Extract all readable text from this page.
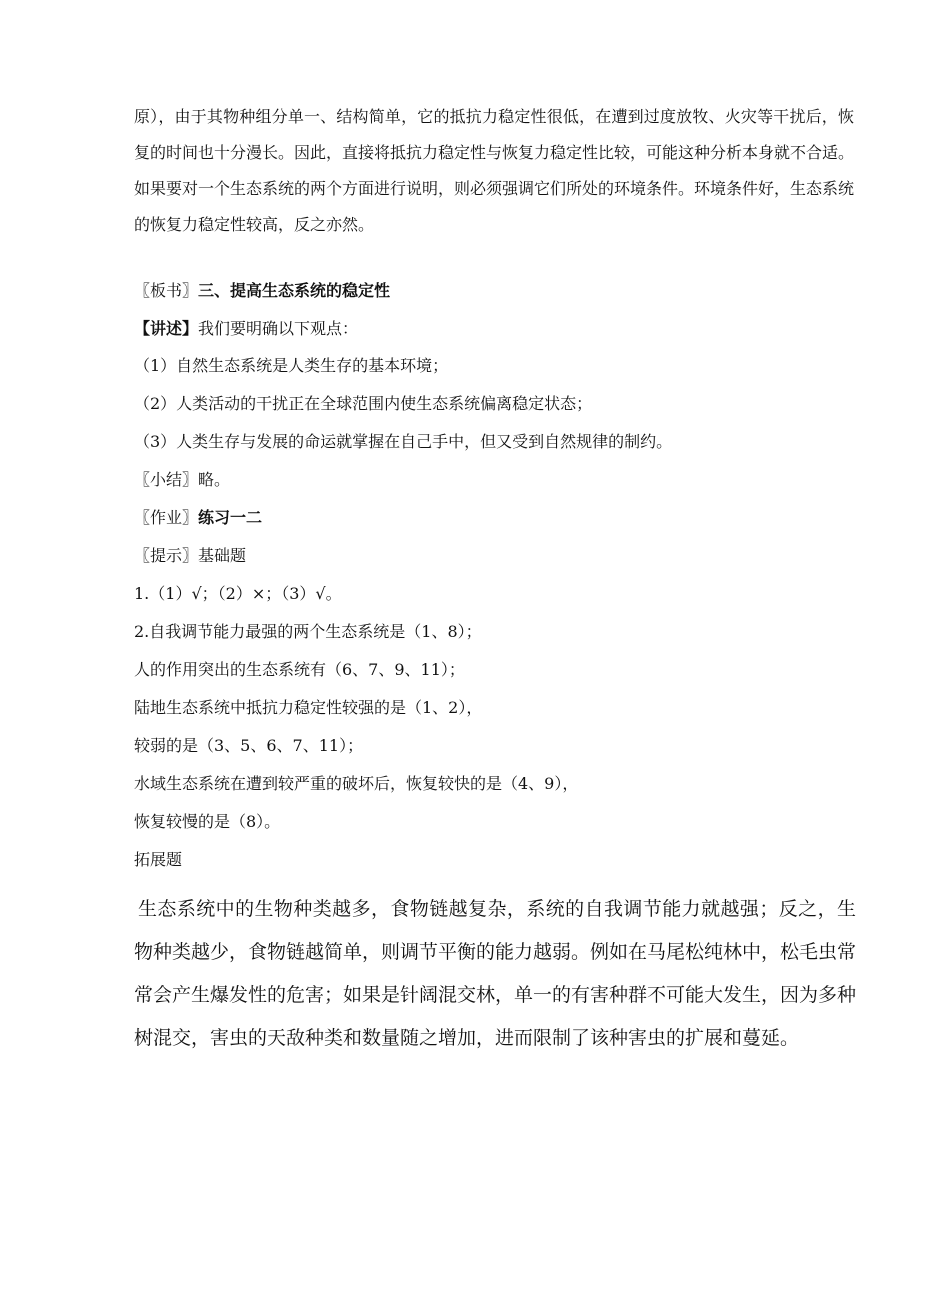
原），由于其物种组分单一、结构简单，它的抵抗力稳定性很低，在遭到过度放牧、火灾等干扰后，恢复的时间也十分漫长。因此，直接将抵抗力稳定性与恢复力稳定性比较，可能这种分析本身就不合适。如果要对一个生态系统的两个方面进行说明，则必须强调它们所处的环境条件。环境条件好，生态系统的恢复力稳定性较高，反之亦然。

〖板书〗三、提高生态系统的稳定性

【讲述】我们要明确以下观点：

（1）自然生态系统是人类生存的基本环境；

（2）人类活动的干扰正在全球范围内使生态系统偏离稳定状态；

（3）人类生存与发展的命运就掌握在自己手中，但又受到自然规律的制约。

〖小结〗略。

〖作业〗练习一二

〖提示〗基础题

1.（1）√；（2）×；（3）√。

2.自我调节能力最强的两个生态系统是（1、8）；

人的作用突出的生态系统有（6、7、9、11）；

陆地生态系统中抵抗力稳定性较强的是（1、2），

较弱的是（3、5、6、7、11）；

水域生态系统在遭到较严重的破坏后，恢复较快的是（4、9），

恢复较慢的是（8）。

拓展题

生态系统中的生物种类越多，食物链越复杂，系统的自我调节能力就越强；反之，生物种类越少，食物链越简单，则调节平衡的能力越弱。例如在马尾松纯林中，松毛虫常常会产生爆发性的危害；如果是针阔混交林，单一的有害种群不可能大发生，因为多种树混交，害虫的天敌种类和数量随之增加，进而限制了该种害虫的扩展和蔓延。
